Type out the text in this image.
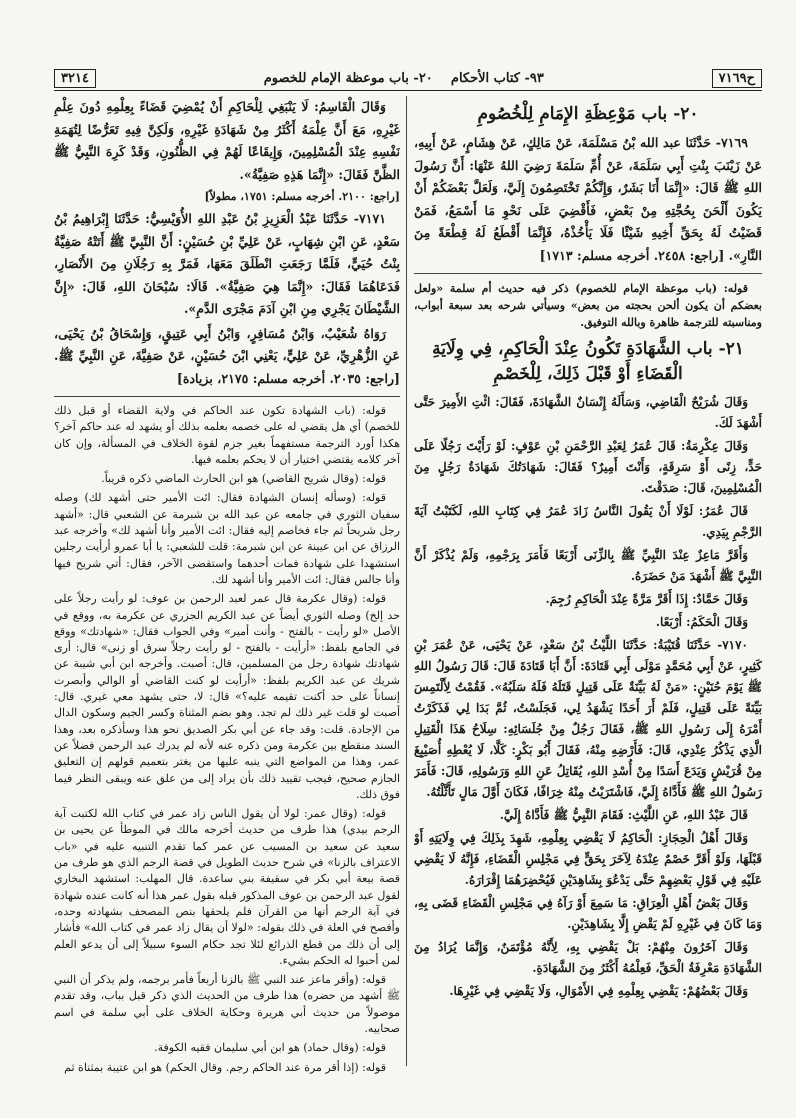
ح٧١٦٩
٩٣- كتاب الأحكام    ٢٠- باب موعظة الإمام للخصوم
٣٢١٤
٢٠- باب مَوْعِظَةِ الإِمَامِ لِلْخُصُومِ

٧١٦٩- حَدَّثَنَا عبد الله بْنُ مَسْلَمَةَ، عَنْ مَالِكٍ، عَنْ هِشَامٍ، عَنْ أَبِيهِ، عَنْ زَيْنَبَ بِنْتِ أَبِي سَلَمَةَ، عَنْ أُمِّ سَلَمَةَ رَضِيَ اللهُ عَنْهَا: أَنَّ رَسُولَ اللهِ ﷺ قَالَ: «إِنَّمَا أَنَا بَشَرٌ، وَإِنَّكُمْ تَخْتَصِمُونَ إِلَيَّ، وَلَعَلَّ بَعْضَكُمْ أَنْ يَكُونَ أَلْحَنَ بِحُجَّتِهِ مِنْ بَعْضٍ، فَأَقْضِيَ عَلَى نَحْوِ مَا أَسْمَعُ، فَمَنْ قَضَيْتُ لَهُ بِحَقِّ أَخِيهِ شَيْئًا فَلَا يَأْخُذْهُ، فَإِنَّمَا أَقْطَعُ لَهُ قِطْعَةً مِنَ النَّارِ». [راجع: ٢٤٥٨. أخرجه مسلم: ١٧١٣]

قوله: (باب موعظة الإمام للخصوم) ذكر فيه حديث أم سلمة «ولعل بعضكم أن يكون ألحن بحجته من بعض» وسيأتي شرحه بعد سبعة أبواب، ومناسبته للترجمة ظاهرة وبالله التوفيق.

٢١- باب الشَّهَادَةِ تَكُونُ عِنْدَ الْحَاكِمِ، فِي وِلَايَةِ
الْقَضَاءِ أَوْ قَبْلَ ذَلِكَ، لِلْخَصْمِ

وَقَالَ شُرَيْحٌ الْقَاضِي، وَسَأَلَهُ إِنْسَانٌ الشَّهَادَةَ، فَقَالَ: ائْتِ الأَمِيرَ حَتَّى أَشْهَدَ لَكَ.

وَقَالَ عِكْرِمَةُ: قَالَ عُمَرُ لِعَبْدِ الرَّحْمَنِ بْنِ عَوْفٍ: لَوْ رَأَيْتَ رَجُلًا عَلَى حَدٍّ، زِنًى أَوْ سَرِقَةٍ، وَأَنْتَ أَمِيرٌ؟ فَقَالَ: شَهَادَتُكَ شَهَادَةُ رَجُلٍ مِنَ الْمُسْلِمِينَ، قَالَ: صَدَقْتَ.

قَالَ عُمَرُ: لَوْلَا أَنْ يَقُولَ النَّاسُ زَادَ عُمَرُ فِي كِتَابِ اللهِ، لَكَتَبْتُ آيَةَ الرَّجْمِ بِيَدِي.

وَأَقَرَّ مَاعِزٌ عِنْدَ النَّبِيِّ ﷺ بِالزِّنَى أَرْبَعًا فَأَمَرَ بِرَجْمِهِ، وَلَمْ يُذْكَرْ أَنَّ النَّبِيَّ ﷺ أَشْهَدَ مَنْ حَضَرَهُ.

وَقَالَ حَمَّادٌ: إِذَا أَقَرَّ مَرَّةً عِنْدَ الْحَاكِمِ رُجِمَ.

وَقَالَ الْحَكَمُ: أَرْبَعًا.

٧١٧٠- حَدَّثَنَا قُتَيْبَةُ: حَدَّثَنَا اللَّيْثُ بْنُ سَعْدٍ، عَنْ يَحْيَى، عَنْ عُمَرَ بْنِ كَثِيرٍ، عَنْ أَبِي مُحَمَّدٍ مَوْلَى أَبِي قَتَادَةَ: أَنَّ أَبَا قَتَادَةَ قَالَ: قَالَ رَسُولُ اللهِ ﷺ يَوْمَ حُنَيْنٍ: «مَنْ لَهُ بَيِّنَةٌ عَلَى قَتِيلٍ قَتَلَهُ فَلَهُ سَلَبُهُ». فَقُمْتُ لِأَلْتَمِسَ بَيِّنَةً عَلَى قَتِيلٍ، فَلَمْ أَرَ أَحَدًا يَشْهَدُ لِي، فَجَلَسْتُ، ثُمَّ بَدَا لِي فَذَكَرْتُ أَمْرَهُ إِلَى رَسُولِ اللهِ ﷺ، فَقَالَ رَجُلٌ مِنْ جُلَسَائِهِ: سِلَاحُ هَذَا الْقَتِيلِ الَّذِي يَذْكُرُ عِنْدِي، قَالَ: فَأَرْضِهِ مِنْهُ، فَقَالَ أَبُو بَكْرٍ: كَلَّا، لَا يُعْطِهِ أُصَيْبِغَ مِنْ قُرَيْشٍ وَيَدَعَ أَسَدًا مِنْ أُسْدِ اللهِ، يُقَاتِلُ عَنِ اللهِ وَرَسُولِهِ، قَالَ: فَأَمَرَ رَسُولُ اللهِ ﷺ فَأَدَّاهُ إِلَيَّ، فَاشْتَرَيْتُ مِنْهُ خِرَافًا، فَكَانَ أَوَّلَ مَالٍ تَأَثَّلْتُهُ.

قَالَ عَبْدُ اللهِ، عَنِ اللَّيْثِ: فَقَامَ النَّبِيُّ ﷺ فَأَدَّاهُ إِلَيَّ.

وَقَالَ أَهْلُ الْحِجَازِ: الْحَاكِمُ لَا يَقْضِي بِعِلْمِهِ، شَهِدَ بِذَلِكَ فِي وِلَايَتِهِ أَوْ قَبْلَهَا، وَلَوْ أَقَرَّ خَصْمٌ عِنْدَهُ لِآخَرَ بِحَقٍّ فِي مَجْلِسِ الْقَضَاءِ، فَإِنَّهُ لَا يَقْضِي عَلَيْهِ فِي قَوْلِ بَعْضِهِمْ حَتَّى يَدْعُوَ بِشَاهِدَيْنِ فَيُحْضِرَهُمَا إِقْرَارَهُ.

وَقَالَ بَعْضُ أَهْلِ الْعِرَاقِ: مَا سَمِعَ أَوْ رَآهُ فِي مَجْلِسِ الْقَضَاءِ قَضَى بِهِ، وَمَا كَانَ فِي غَيْرِهِ لَمْ يَقْضِ إِلَّا بِشَاهِدَيْنِ.

وَقَالَ آخَرُونَ مِنْهُمْ: بَلْ يَقْضِي بِهِ، لِأَنَّهُ مُؤْتَمَنٌ، وَإِنَّمَا يُرَادُ مِنَ الشَّهَادَةِ مَعْرِفَةُ الْحَقِّ، فَعِلْمُهُ أَكْثَرُ مِنَ الشَّهَادَةِ.

وَقَالَ بَعْضُهُمْ: يَقْضِي بِعِلْمِهِ فِي الأَمْوَالِ، وَلَا يَقْضِي فِي غَيْرِهَا.

وَقَالَ الْقَاسِمُ: لَا يَنْبَغِي لِلْحَاكِمِ أَنْ يُمْضِيَ قَضَاءً بِعِلْمِهِ دُونَ عِلْمِ غَيْرِهِ، مَعَ أَنَّ عِلْمَهُ أَكْثَرُ مِنْ شَهَادَةِ غَيْرِهِ، وَلَكِنَّ فِيهِ تَعَرُّضًا لِتُهَمَةِ نَفْسِهِ عِنْدَ الْمُسْلِمِينَ، وَإِيقَاعًا لَهُمْ فِي الظُّنُونِ، وَقَدْ كَرِهَ النَّبِيُّ ﷺ الظَّنَّ فَقَالَ: «إِنَّمَا هَذِهِ صَفِيَّةُ».

[راجع: ٢١٠٠. أخرجه مسلم: ١٧٥١، مطولاً]

٧١٧١- حَدَّثَنَا عَبْدُ الْعَزِيزِ بْنُ عَبْدِ اللهِ الأُوَيْسِيُّ: حَدَّثَنَا إِبْرَاهِيمُ بْنُ سَعْدٍ، عَنِ ابْنِ شِهَابٍ، عَنْ عَلِيِّ بْنِ حُسَيْنٍ: أَنَّ النَّبِيَّ ﷺ أَتَتْهُ صَفِيَّةُ بِنْتُ حُيَيٍّ، فَلَمَّا رَجَعَتِ انْطَلَقَ مَعَهَا، فَمَرَّ بِهِ رَجُلَانِ مِنَ الأَنْصَارِ، فَدَعَاهُمَا فَقَالَ: «إِنَّمَا هِيَ صَفِيَّةُ». قَالَا: سُبْحَانَ اللهِ، قَالَ: «إِنَّ الشَّيْطَانَ يَجْرِي مِنِ ابْنِ آدَمَ مَجْرَى الدَّمِ».

رَوَاهُ شُعَيْبٌ، وَابْنُ مُسَافِرٍ، وَابْنُ أَبِي عَتِيقٍ، وَإِسْحَاقُ بْنُ يَحْيَى، عَنِ الزُّهْرِيِّ، عَنْ عَلِيٍّ، يَعْنِي ابْنَ حُسَيْنٍ، عَنْ صَفِيَّةَ، عَنِ النَّبِيِّ ﷺ. [راجع: ٢٠٣٥. أخرجه مسلم: ٢١٧٥، بزيادة]

قوله: (باب الشهادة تكون عند الحاكم في ولاية القضاء أو قبل ذلك للخصم) أي هل يقضي له على خصمه بعلمه بذلك أو يشهد له عند حاكم آخر؟ هكذا أورد الترجمة مستفهماً بغير جزم لقوة الخلاف في المسألة، وإن كان آخر كلامه يقتضي اختيار أن لا يحكم بعلمه فيها.

قوله: (وقال شريح القاضي) هو ابن الحارث الماضي ذكره قريباً.

قوله: (وسأله إنسان الشهادة فقال: ائت الأمير حتى أشهد لك) وصله سفيان الثوري في جامعه عن عبد الله بن شبرمة عن الشعبي قال: «أشهد رجل شريحاً ثم جاء فخاصم إليه فقال: ائت الأمير وأنا أشهد لك» وأخرجه عبد الرزاق عن ابن عيينة عن ابن شبرمة: قلت للشعبي: يا أبا عمرو أرأيت رجلين استشهدا على شهادة فمات أحدهما واستقضى الآخر، فقال: أتي شريح فيها وأنا جالس فقال: ائت الأمير وأنا أشهد لك.

قوله: (وقال عكرمة قال عمر لعبد الرحمن بن عوف: لو رأيت رجلاً على حد إلخ) وصله الثوري أيضاً عن عبد الكريم الجزري عن عكرمة به، ووقع في الأصل «لو رأيت - بالفتح - وأنت أمير» وفي الجواب فقال: «شهادتك» ووقع في الجامع بلفظ: «أرأيت - بالفتح - لو رأيت رجلاً سرق أو زنى» قال: أرى شهادتك شهادة رجل من المسلمين، قال: أصبت. وأخرجه ابن أبي شيبة عن شريك عن عبد الكريم بلفظ: «أرأيت لو كنت القاضي أو الوالي وأبصرت إنساناً على حد أكنت تقيمه عليه؟» قال: لا، حتى يشهد معي غيري. قال: أصبت لو قلت غير ذلك لم تجد. وهو بضم المثناة وكسر الجيم وسكون الدال من الإجادة. قلت: وقد جاء عن أبي بكر الصديق نحو هذا وسأذكره بعد، وهذا السند منقطع بين عكرمة ومن ذكره عنه لأنه لم يدرك عبد الرحمن فضلاً عن عمر، وهذا من المواضع التي ينبه عليها من يغتر بتعميم قولهم إن التعليق الجازم صحيح، فيجب تقييد ذلك بأن يراد إلى من علق عنه ويبقى النظر فيما فوق ذلك.

قوله: (وقال عمر: لولا أن يقول الناس زاد عمر في كتاب الله لكتبت آية الرجم بيدي) هذا طرف من حديث أخرجه مالك في الموطأ عن يحيى بن سعيد عن سعيد بن المسيب عن عمر كما تقدم التنبيه عليه في «باب الاعتراف بالزنا» في شرح حديث الطويل في قصة الرجم الذي هو طرف من قصة بيعة أبي بكر في سقيفة بني ساعدة. قال المهلب: استشهد البخاري لقول عبد الرحمن بن عوف المذكور قبله بقول عمر هذا أنه كانت عنده شهادة في آية الرجم أنها من القرآن فلم يلحقها بنص المصحف بشهادته وحده، وأفصح في العلة في ذلك بقوله: «لولا أن يقال زاد عمر في كتاب الله» فأشار إلى أن ذلك من قطع الذرائع لئلا تجد حكام السوء سبيلاً إلى أن يدعو العلم لمن أحبوا له الحكم بشيء.

قوله: (وأقر ماعز عند النبي ﷺ بالزنا أربعاً فأمر برجمه، ولم يذكر أن النبي ﷺ أشهد من حضره) هذا طرف من الحديث الذي ذكر قبل بباب، وقد تقدم موصولاً من حديث أبي هريرة وحكاية الخلاف على أبي سلمة في اسم صحابيه.

قوله: (وقال حماد) هو ابن أبي سليمان فقيه الكوفة.

قوله: (إذا أقر مرة عند الحاكم رجم. وقال الحكم) هو ابن عتيبة بمثناة ثم
